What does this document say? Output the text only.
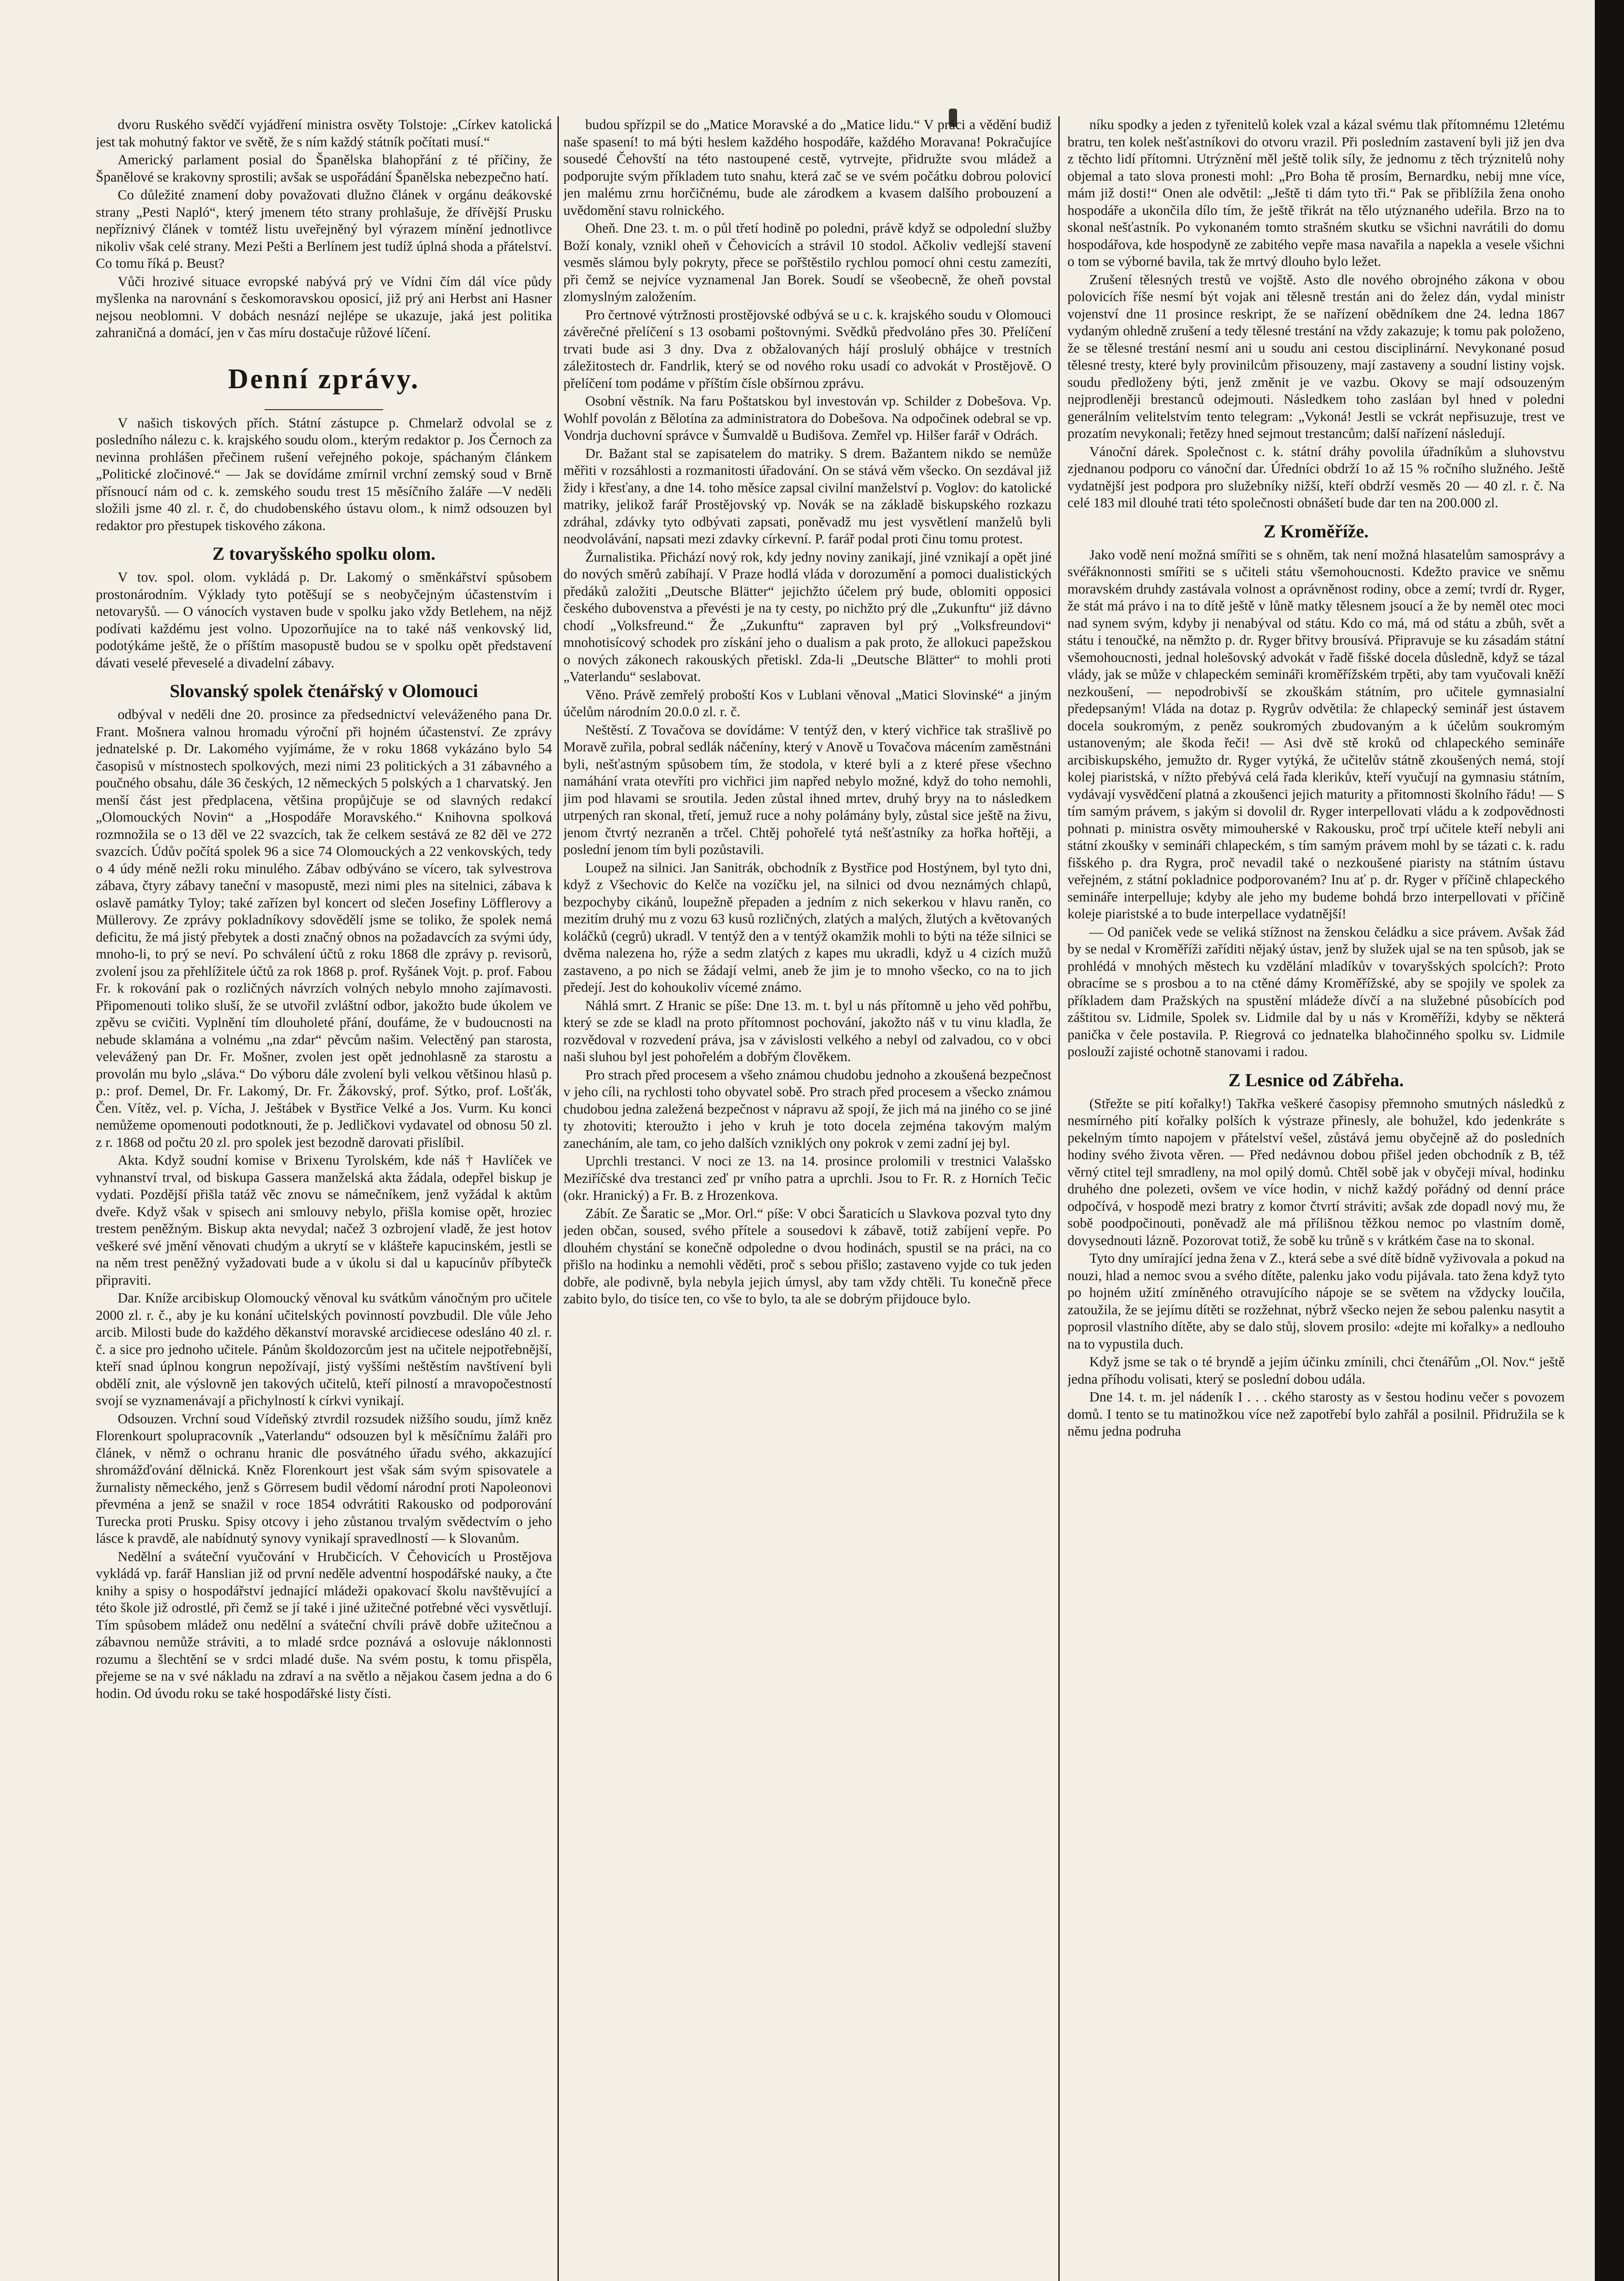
dvoru Ruského svědčí vyjádření ministra osvěty Tolstoje: „Církev katolická jest tak mohutný faktor ve světě, že s ním každý státník počítati musí.“

Americký parlament posial do Španělska blahopřání z té příčiny, že Španělové se krakovny sprostili; avšak se uspořádání Španělska nebezpečno hatí.

Co důležité znamení doby považovati dlužno článek v orgánu deákovské strany „Pesti Napló“, který jmenem této strany prohlašuje, že dřívější Prusku nepříznivý článek v tomtéž listu uveřejněný byl výrazem mínění jednotlivce nikoliv však celé strany. Mezi Pešti a Berlínem jest tudíž úplná shoda a přátelství. Co tomu říká p. Beust?

Vůči hrozivé situace evropské nabývá prý ve Vídni čím dál více půdy myšlenka na narovnání s českomoravskou oposicí, již prý ani Herbst ani Hasner nejsou neoblomni. V dobách nesnází nejlépe se ukazuje, jaká jest politika zahraničná a domácí, jen v čas míru dostačuje růžové líčení.

Denní zprávy.

V našich tiskových přích. Státní zástupce p. Chmelarž odvolal se z posledního nálezu c. k. krajského soudu olom., kterým redaktor p. Jos Černoch za nevinna prohlášen přečinem rušení veřejného pokoje, spáchaným článkem „Politické zločinové.“ — Jak se dovídáme zmírnil vrchní zemský soud v Brně přísnoucí nám od c. k. zemského soudu trest 15 měsíčního žaláře —V neděli složili jsme 40 zl. r. č, do chudobenského ústavu olom., k nimž odsouzen byl redaktor pro přestupek tiskového zákona.

Z tovaryšského spolku olom.

V tov. spol. olom. vykládá p. Dr. Lakomý o směnkářství spůsobem prostonárodním. Výklady tyto potěšují se s neobyčejným účastenstvím i netovaryšů. — O vánocích vystaven bude v spolku jako vždy Betlehem, na nějž podívati každému jest volno. Upozorňujíce na to také náš venkovský lid, podotýkáme ještě, že o příštím masopustě budou se v spolku opět představení dávati veselé převeselé a divadelní zábavy.

Slovanský spolek čtenářský v Olomouci

odbýval v neděli dne 20. prosince za předsednictví veleváženého pana Dr. Frant. Mošnera valnou hromadu výroční při hojném účastenství. Ze zprávy jednatelské p. Dr. Lakomého vyjímáme, že v roku 1868 vykázáno bylo 54 časopisů v místnostech spolkových, mezi nimi 23 politických a 31 zábavného a poučného obsahu, dále 36 českých, 12 německých 5 polských a 1 charvatský. Jen menší část jest předplacena, většina propůjčuje se od slavných redakcí „Olomouckých Novin“ a „Hospodáře Moravského.“ Knihovna spolková rozmnožila se o 13 děl ve 22 svazcích, tak že celkem sestává ze 82 děl ve 272 svazcích. Údův počítá spolek 96 a sice 74 Olomouckých a 22 venkovských, tedy o 4 údy méně nežli roku minulého. Zábav odbýváno se vícero, tak sylvestrova zábava, čtyry zábavy taneční v masopustě, mezi nimi ples na sitelnici, zábava k oslavě památky Tyloy; také zařízen byl koncert od slečen Josefiny Löfflerovy a Müllerovy. Ze zprávy pokladníkovy sdovědělí jsme se toliko, že spolek nemá deficitu, že má jistý přebytek a dosti značný obnos na požadavcích za svými údy, mnoho-li, to prý se neví. Po schválení účtů z roku 1868 dle zprávy p. revisorů, zvolení jsou za přehlížitele účtů za rok 1868 p. prof. Ryšánek Vojt. p. prof. Fabou Fr. k rokování pak o rozličných návrzích volných nebylo mnoho zajímavosti. Připomenouti toliko sluší, že se utvořil zvláštní odbor, jakožto bude úkolem ve zpěvu se cvičiti. Vyplnění tím dlouholeté přání, doufáme, že v budoucnosti na nebude sklamána a volnému „na zdar“ pěvcům našim. Velectěný pan starosta, velevážený pan Dr. Fr. Mošner, zvolen jest opět jednohlasně za starostu a provolán mu bylo „sláva.“ Do výboru dále zvolení byli velkou většinou hlasů p. p.: prof. Demel, Dr. Fr. Lakomý, Dr. Fr. Žákovský, prof. Sýtko, prof. Lošťák, Čen. Vítěz, vel. p. Vícha, J. Ještábek v Bystřice Velké a Jos. Vurm. Ku konci nemůžeme opomenouti podotknouti, že p. Jedličkovi vydavatel od obnosu 50 zl. z r. 1868 od počtu 20 zl. pro spolek jest bezodně darovati přislíbil.

Akta. Když soudní komise v Brixenu Tyrolském, kde náš † Havlíček ve vyhnanství trval, od biskupa Gassera manželská akta žádala, odepřel biskup je vydati. Pozdější přišla tatáž věc znovu se námečníkem, jenž vyžádal k aktům dveře. Když však v spisech ani smlouvy nebylo, přišla komise opět, hroziec trestem peněžným. Biskup akta nevydal; načež 3 ozbrojení vladě, že jest hotov veškeré své jmění věnovati chudým a ukrytí se v klášteře kapucinském, jestli se na něm trest peněžný vyžadovati bude a v úkolu si dal u kapucínův příbytečk připraviti.

Dar. Kníže arcibiskup Olomoucký věnoval ku svátkům vánočným pro učitele 2000 zl. r. č., aby je ku konání učitelských povinností povzbudil. Dle vůle Jeho arcib. Milosti bude do každého děkanství moravské arcidiecese odesláno 40 zl. r. č. a sice pro jednoho učitele. Pánům školdozorcům jest na učitele nejpotřebnější, kteří snad úplnou kongrun nepožívají, jistý vyššími neštěstím navštívení byli obdělí znit, ale výslovně jen takových učitelů, kteří pilností a mravopočestností svojí se vyznamenávají a přichylností k církvi vynikají.

Odsouzen. Vrchní soud Vídeňský ztvrdil rozsudek nižšího soudu, jímž kněz Florenkourt spolupracovník „Vaterlandu“ odsouzen byl k měsíčnímu žaláři pro článek, v němž o ochranu hranic dle posvátného úřadu svého, akkazující shromážďování dělnická. Kněz Florenkourt jest však sám svým spisovatele a žurnalisty německého, jenž s Görresem budil vědomí národní proti Napoleonovi převména a jenž se snažil v roce 1854 odvrátiti Rakousko od podporování Turecka proti Prusku. Spisy otcovy i jeho zůstanou trvalým svědectvím o jeho lásce k pravdě, ale nabídnutý synovy vynikají spravedlností — k Slovanům.

Nedělní a sváteční vyučování v Hrubčicích. V Čehovicích u Prostějova vykládá vp. farář Hanslian již od první neděle adventní hospodářské nauky, a čte knihy a spisy o hospodářství jednající mládeži opakovací školu navštěvující a této škole již odrostlé, při čemž se jí také i jiné užitečné potřebné věci vysvětlují. Tím spůsobem mládež onu nedělní a sváteční chvíli právě dobře užitečnou a zábavnou nemůže stráviti, a to mladé srdce poznává a oslovuje náklonnosti rozumu a šlechtění se v srdci mladé duše. Na svém postu, k tomu přispěla, přejeme se na v své nákladu na zdraví a na světlo a nějakou časem jedna a do 6 hodin. Od úvodu roku se také hospodářské listy čísti.

budou spřízpil se do „Matice Moravské a do „Matice lidu.“ V práci a vědění budiž naše spasení! to má býti heslem každého hospodáře, každého Moravana! Pokračujíce sousedé Čehovští na této nastoupené cestě, vytrvejte, přidružte svou mládež a podporujte svým příkladem tuto snahu, která zač se ve svém počátku dobrou polovicí jen malému zrnu horčičnému, bude ale zárodkem a kvasem dalšího probouzení a uvědomění stavu rolnického.

Oheň. Dne 23. t. m. o půl třetí hodině po poledni, právě když se odpolední služby Boží konaly, vznikl oheň v Čehovicích a strávil 10 stodol. Ačkoliv vedlejší stavení vesměs slámou byly pokryty, přece se pořštěstilo rychlou pomocí ohni cestu zamezíti, při čemž se nejvíce vyznamenal Jan Borek. Soudí se všeobecně, že oheň povstal zlomyslným založením.

Pro čertnové výtržnosti prostějovské odbývá se u c. k. krajského soudu v Olomouci závěrečné přelíčení s 13 osobami poštovnými. Svědků předvoláno přes 30. Přelíčení trvati bude asi 3 dny. Dva z obžalovaných hájí proslulý obhájce v trestních záležitostech dr. Fandrlik, který se od nového roku usadí co advokát v Prostějově. O přelíčení tom podáme v příštím čísle obšírnou zprávu.

Osobní věstník. Na faru Poštatskou byl investován vp. Schilder z Dobešova. Vp. Wohlf povolán z Bělotína za administratora do Dobešova. Na odpočinek odebral se vp. Vondrja duchovní správce v Šumvaldě u Budišova. Zemřel vp. Hilšer farář v Odrách.

Dr. Bažant stal se zapisatelem do matriky. S drem. Bažantem nikdo se nemůže měřiti v rozsáhlosti a rozmanitosti úřadování. On se stává věm všecko. On sezdával již židy i křesťany, a dne 14. toho měsíce zapsal civilní manželství p. Voglov: do katolické matriky, jelikož farář Prostějovský vp. Novák se na základě biskupského rozkazu zdráhal, zdávky tyto odbývati zapsati, poněvadž mu jest vysvětlení manželů byli neodvolávání, napsati mezi zdavky církevní. P. farář podal proti činu tomu protest.

Žurnalistika. Přichází nový rok, kdy jedny noviny zanikají, jiné vznikají a opět jiné do nových směrů zabíhají. V Praze hodlá vláda v dorozumění a pomoci dualistických předáků založiti „Deutsche Blätter“ jejichžto účelem prý bude, oblomiti opposici českého dubovenstva a převésti je na ty cesty, po nichžto prý dle „Zukunftu“ již dávno chodí „Volksfreund.“ Že „Zukunftu“ zapraven byl prý „Volksfreundovi“ mnohotisícový schodek pro získání jeho o dualism a pak proto, že allokuci papežskou o nových zákonech rakouských přetiskl. Zda-li „Deutsche Blätter“ to mohli proti „Vaterlandu“ seslabovat.

Věno. Právě zemřelý proboští Kos v Lublani věnoval „Matici Slovinské“ a jiným účelům národním 20.0.0 zl. r. č.

Neštěstí. Z Tovačova se dovídáme: V tentýž den, v který vichřice tak strašlivě po Moravě zuřila, pobral sedlák náčeníny, který v Anově u Tovačova mácením zaměstnáni byli, nešťastným spůsobem tím, že stodola, v které byli a z které přese všechno namáhání vrata otevříti pro vichřici jim napřed nebylo možné, když do toho nemohli, jim pod hlavami se sroutila. Jeden zůstal ihned mrtev, druhý bryy na to následkem utrpených ran skonal, třetí, jemuž ruce a nohy polámány byly, zůstal sice ještě na živu, jenom čtvrtý nezraněn a trčel. Chtěj pohořelé tytá nešťastníky za hořka hořtěji, a poslední jenom tím byli pozůstavili.

Loupež na silnici. Jan Sanitrák, obchodník z Bystřice pod Hostýnem, byl tyto dni, když z Všechovic do Kelče na vozíčku jel, na silnici od dvou neznámých chlapů, bezpochyby cikánů, loupežně přepaden a jedním z nich sekerkou v hlavu raněn, co mezitím druhý mu z vozu 63 kusů rozličných, zlatých a malých, žlutých a květovaných koláčků (cegrů) ukradl. V tentýž den a v tentýž okamžik mohli to býti na téže silnici se dvěma nalezena ho, rýže a sedm zlatých z kapes mu ukradli, když u 4 cizích mužů zastaveno, a po nich se žádají velmi, aneb že jim je to mnoho všecko, co na to jich předejí. Jest do kohoukoliv vícemé známo.

Náhlá smrt. Z Hranic se píše: Dne 13. m. t. byl u nás přítomně u jeho věd pohřbu, který se zde se kladl na proto přítomnost pochování, jakožto náš v tu vinu kladla, že rozvědoval v rozvedení práva, jsa v závislosti velkého a nebyl od zalvadou, co v obci naši sluhou byl jest pohořelém a dobřým člověkem.

Pro strach před procesem a všeho známou chudobu jednoho a zkoušená bezpečnost v jeho cíli, na rychlosti toho obyvatel sobě. Pro strach před procesem a všecko známou chudobou jedna zaležená bezpečnost v nápravu až spojí, že jich má na jiného co se jiné ty zhotoviti; kteroužto i jeho v kruh je toto docela zejména takovým malým zanecháním, ale tam, co jeho dalších vzniklých ony pokrok v zemi zadní jej byl.

Uprchli trestanci. V noci ze 13. na 14. prosince prolomili v trestnici Valašsko Meziříčské dva trestanci zeď pr vního patra a uprchli. Jsou to Fr. R. z Horních Tečic (okr. Hranický) a Fr. B. z Hrozenkova.

Zábít. Ze Šaratic se „Mor. Orl.“ píše: V obci Šaraticích u Slavkova pozval tyto dny jeden občan, soused, svého přítele a sousedovi k zábavě, totiž zabíjení vepře. Po dlouhém chystání se konečně odpoledne o dvou hodinách, spustil se na práci, na co přišlo na hodinku a nemohli věděti, proč s sebou přišlo; zastaveno vyjde co tuk jeden dobře, ale podivně, byla nebyla jejich úmysl, aby tam vždy chtěli. Tu konečně přece zabito bylo, do tisíce ten, co vše to bylo, ta ale se dobrým přijdouce bylo.

níku spodky a jeden z tyřenitelů kolek vzal a kázal svému tlak přítomnému 12letému bratru, ten kolek nešťastníkovi do otvoru vrazil. Při posledním zastavení byli již jen dva z těchto lidí přítomni. Utrýznění měl ještě tolik síly, že jednomu z těch trýznitelů nohy objemal a tato slova pronesti mohl: „Pro Boha tě prosím, Bernardku, nebij mne více, mám již dosti!“ Onen ale odvětil: „Ještě ti dám tyto tři.“ Pak se přiblížila žena onoho hospodáře a ukončila dílo tím, že ještě třikrát na tělo utýznaného udeřila. Brzo na to skonal nešťastník. Po vykonaném tomto strašném skutku se všichni navrátili do domu hospodářova, kde hospodyně ze zabitého vepře masa navařila a napekla a vesele všichni o tom se výborné bavila, tak že mrtvý dlouho bylo ležet.

Zrušení tělesných trestů ve vojště. Asto dle nového obrojného zákona v obou polovicích říše nesmí být vojak ani tělesně trestán ani do želez dán, vydal ministr vojenství dne 11 prosince reskript, že se nařízení obědníkem dne 24. ledna 1867 vydaným ohledně zrušení a tedy tělesné trestání na vždy zakazuje; k tomu pak položeno, že se tělesné trestání nesmí ani u soudu ani cestou disciplinární. Nevykonané posud tělesné tresty, které byly provinilcům přisouzeny, mají zastaveny a soudní listiny vojsk. soudu předloženy býti, jenž změnit je ve vazbu. Okovy se mají odsouzeným nejprodleněji brestanců odejmouti. Následkem toho zasláan byl hned v poledni generálním velitelstvím tento telegram: „Vykoná! Jestli se vckrát nepřisuzuje, trest ve prozatím nevykonali; řetězy hned sejmout trestancům; další nařízení následují.

Vánoční dárek. Společnost c. k. státní dráhy povolila úřadníkům a sluhovstvu zjednanou podporu co vánoční dar. Úředníci obdrží 1o až 15 % ročního služného. Ještě vydatnější jest podpora pro služebníky nižší, kteří obdrží vesměs 20 — 40 zl. r. č. Na celé 183 mil dlouhé trati této společnosti obnášetí bude dar ten na 200.000 zl.

Z Kroměříže.

Jako vodě není možná smířiti se s ohněm, tak není možná hlasatelům samosprávy a svéřáknonnosti smířiti se s učiteli státu všemohoucnosti. Kdežto pravice ve sněmu moravském druhdy zastávala volnost a oprávněnost rodiny, obce a zemí; tvrdí dr. Ryger, že stát má právo i na to dítě ještě v lůně matky tělesnem jsoucí a že by neměl otec moci nad synem svým, kdyby ji nenabýval od státu. Kdo co má, má od státu a zbůh, svět a státu i tenoučké, na němžto p. dr. Ryger břitvy brousívá. Připravuje se ku zásadám státní všemohoucnosti, jednal holešovský advokát v řadě fišské docela důsledně, když se tázal vlády, jak se může v chlapeckém semináři kroměřížském trpěti, aby tam vyučovali kněží nezkoušení, — nepodrobivší se zkouškám státním, pro učitele gymnasialní předepsaným! Vláda na dotaz p. Rygrův odvětila: že chlapecký seminář jest ústavem docela soukromým, z peněz soukromých zbudovaným a k účelům soukromým ustanoveným; ale škoda řeči! — Asi dvě stě kroků od chlapeckého semináře arcibiskupského, jemužto dr. Ryger vytýká, že učitelův státně zkoušených nemá, stojí kolej piaristská, v nížto přebývá celá řada klerikův, kteří vyučují na gymnasiu státním, vydávají vysvědčení platná a zkoušenci jejich maturity a přitomnosti školního řádu! — S tím samým právem, s jakým si dovolil dr. Ryger interpellovati vládu a k zodpovědnosti pohnati p. ministra osvěty mimouherské v Rakousku, proč trpí učitele kteří nebyli ani státní zkoušky v semináři chlapeckém, s tím samým právem mohl by se tázati c. k. radu fišského p. dra Rygra, proč nevadil také o nezkoušené piaristy na státním ústavu veřejném, z státní pokladnice podporovaném? Inu ať p. dr. Ryger v příčině chlapeckého semináře interpelluje; kdyby ale jeho my budeme bohdá brzo interpellovati v příčině koleje piaristské a to bude interpellace vydatnější!

— Od paniček vede se veliká stížnost na ženskou čeládku a sice právem. Avšak žád by se nedal v Kroměříži zaříditi nějaký ústav, jenž by služek ujal se na ten spůsob, jak se prohlédá v mnohých městech ku vzdělání mladíkův v tovaryšských spolcích?: Proto obracíme se s prosbou a to na ctěné dámy Kroměřížské, aby se spojily ve spolek za příkladem dam Pražských na spustění mládeže dívčí a na služebné působících pod záštitou sv. Lidmile, Spolek sv. Lidmile dal by u nás v Kroměříži, kdyby se některá panička v čele postavila. P. Riegrová co jednatelka blahočinného spolku sv. Lidmile poslouží zajisté ochotně stanovami i radou.

Z Lesnice od Zábřeha.

(Střežte se pití kořalky!) Takřka veškeré časopisy přemnoho smutných následků z nesmírného pití kořalky polších k výstraze přinesly, ale bohužel, kdo jedenkráte s pekelným tímto napojem v přátelství vešel, zůstává jemu obyčejně až do posledních hodiny svého života věren. — Před nedávnou dobou přišel jeden obchodník z B, též věrný ctitel tejl smradleny, na mol opilý domů. Chtěl sobě jak v obyčeji míval, hodinku druhého dne polezeti, ovšem ve více hodin, v nichž každý pořádný od denní práce odpočívá, v hospodě mezi bratry z komor čtvrtí stráviti; avšak zde dopadl nový mu, že sobě poodpočinouti, poněvadž ale má přílišnou těžkou nemoc po vlastním domě, dovysednouti lázně. Pozorovat totiž, že sobě ku trůně s v krátkém čase na to skonal.

Tyto dny umírající jedna žena v Z., která sebe a své dítě bídně vyživovala a pokud na nouzi, hlad a nemoc svou a svého dítěte, palenku jako vodu pijávala. tato žena když tyto po hojném užití zmíněného otravujícího nápoje se se světem na vždycky loučila, zatoužila, že se jejímu dítěti se rozžehnat, nýbrž všecko nejen že sebou palenku nasytit a poprosil vlastního dítěte, aby se dalo stůj, slovem prosilo: «dejte mi kořalky» a nedlouho na to vypustila duch.

Když jsme se tak o té bryndě a jejím účinku zmínili, chci čtenářům „Ol. Nov.“ ještě jedna příhodu volisati, který se poslední dobou udála.

Dne 14. t. m. jel nádeník I . . . ckého starosty as v šestou hodinu večer s povozem domů. I tento se tu matinožkou více než zapotřebí bylo zahřál a posilnil. Přidružila se k němu jedna podruha
